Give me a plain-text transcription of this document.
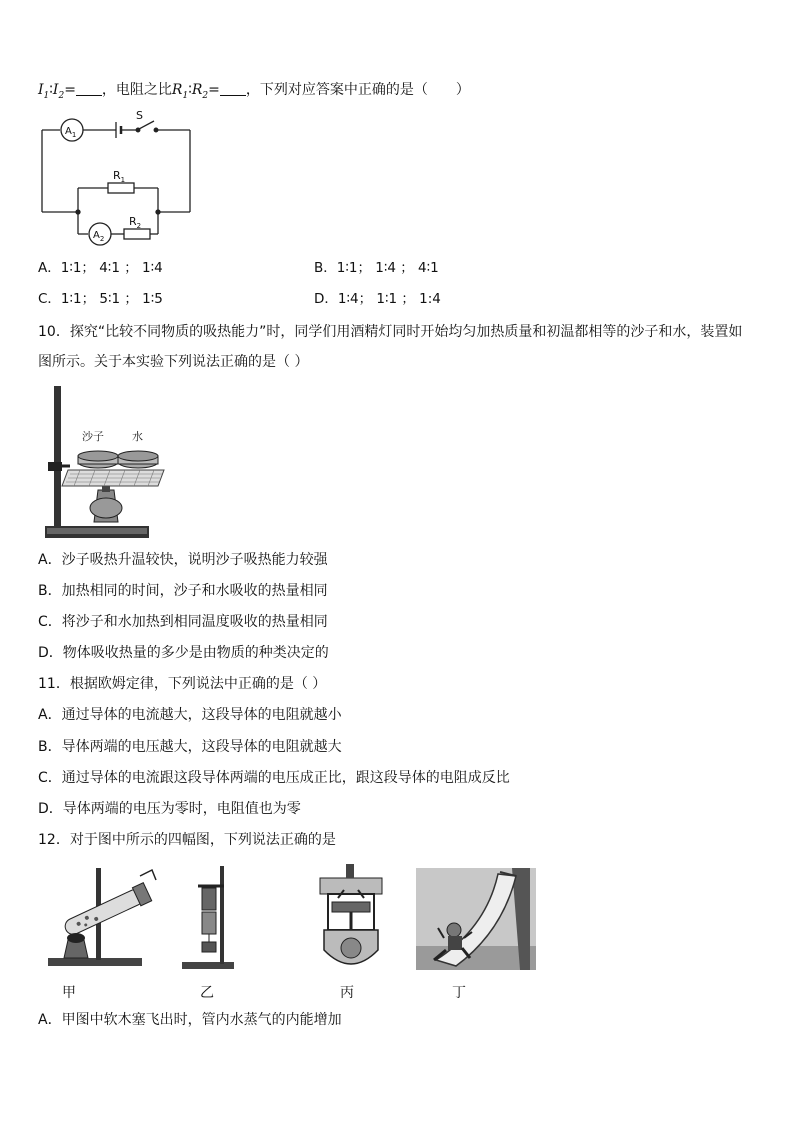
$I_1∶I_2=$ ，电阻之比$R_1∶R_2=$ ，下列对应答案中正确的是（　　）
$A_1$
$A_2$
$R_1$
$R_2$
S
A．1∶1； 4∶1 ； 1∶4	B．1∶1； 1∶4 ； 4∶1
C．1∶1； 5∶1 ； 1∶5	D．1∶4； 1∶1 ； 1:4
10．探究“比较不同物质的吸热能力”时，同学们用酒精灯同时开始均匀加热质量和初温都相等的沙子和水，装置如
图所示。关于本实验下列说法正确的是（ ）
沙子	水
A．沙子吸热升温较快，说明沙子吸热能力较强
B．加热相同的时间，沙子和水吸收的热量相同
C．将沙子和水加热到相同温度吸收的热量相同
D．物体吸收热量的多少是由物质的种类决定的
11．根据欧姆定律，下列说法中正确的是（ ）
A．通过导体的电流越大，这段导体的电阻就越小
B．导体两端的电压越大，这段导体的电阻就越大
C．通过导体的电流跟这段导体两端的电压成正比，跟这段导体的电阻成反比
D．导体两端的电压为零时，电阻值也为零
12．对于图中所示的四幅图，下列说法正确的是
甲	乙	丙	丁
A．甲图中软木塞飞出时，管内水蒸气的内能增加
